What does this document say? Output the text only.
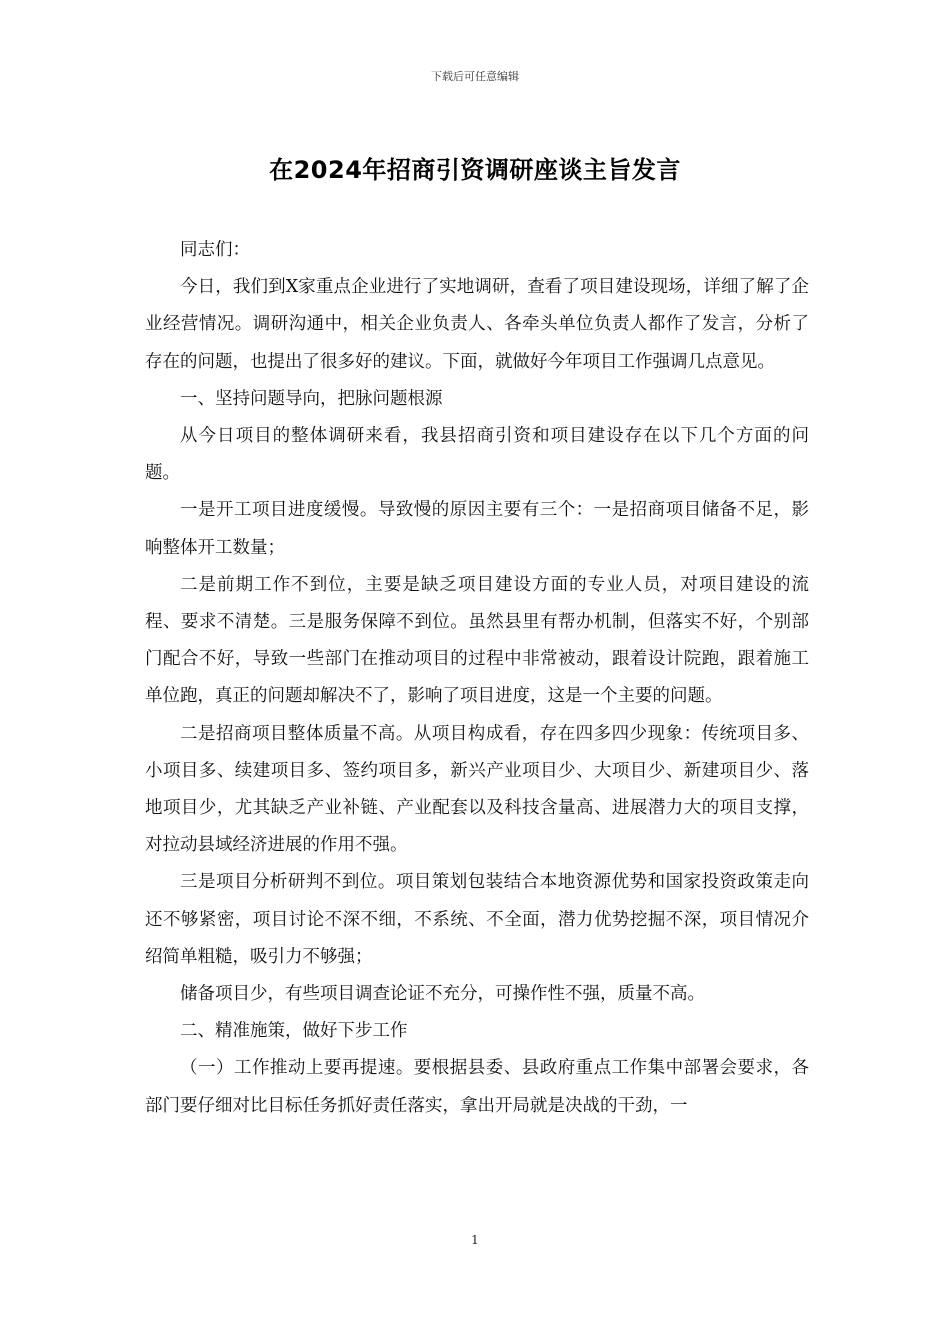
下载后可任意编辑
在2024年招商引资调研座谈主旨发言

同志们：

今日，我们到X家重点企业进行了实地调研，查看了项目建设现场，详细了解了企业经营情况。调研沟通中，相关企业负责人、各牵头单位负责人都作了发言，分析了存在的问题，也提出了很多好的建议。下面，就做好今年项目工作强调几点意见。

一、坚持问题导向，把脉问题根源

从今日项目的整体调研来看，我县招商引资和项目建设存在以下几个方面的问题。

一是开工项目进度缓慢。导致慢的原因主要有三个：一是招商项目储备不足，影响整体开工数量；

二是前期工作不到位，主要是缺乏项目建设方面的专业人员，对项目建设的流程、要求不清楚。三是服务保障不到位。虽然县里有帮办机制，但落实不好，个别部门配合不好，导致一些部门在推动项目的过程中非常被动，跟着设计院跑，跟着施工单位跑，真正的问题却解决不了，影响了项目进度，这是一个主要的问题。

二是招商项目整体质量不高。从项目构成看，存在四多四少现象：传统项目多、小项目多、续建项目多、签约项目多，新兴产业项目少、大项目少、新建项目少、落地项目少，尤其缺乏产业补链、产业配套以及科技含量高、进展潜力大的项目支撑，对拉动县域经济进展的作用不强。

三是项目分析研判不到位。项目策划包装结合本地资源优势和国家投资政策走向还不够紧密，项目讨论不深不细，不系统、不全面，潜力优势挖掘不深，项目情况介绍简单粗糙，吸引力不够强；

储备项目少，有些项目调查论证不充分，可操作性不强，质量不高。

二、精准施策，做好下步工作

（一）工作推动上要再提速。要根据县委、县政府重点工作集中部署会要求，各部门要仔细对比目标任务抓好责任落实，拿出开局就是决战的干劲，一

1
